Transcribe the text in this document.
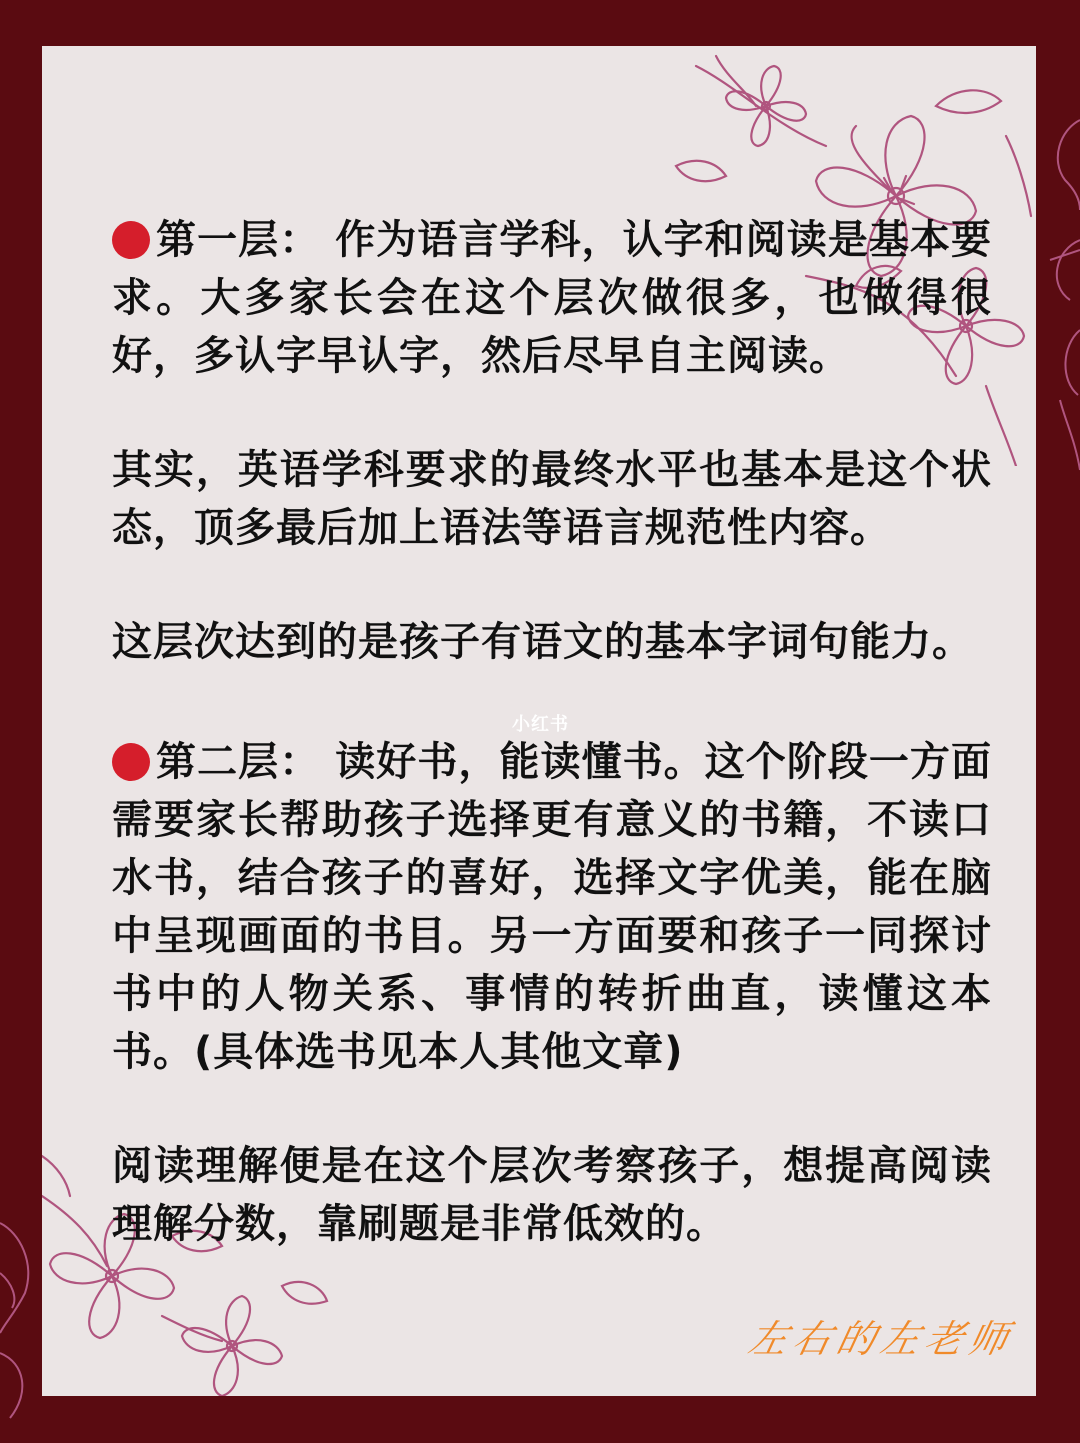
第一层： 作为语言学科，认字和阅读是基本要求。大多家长会在这个层次做很多，也做得很好，多认字早认字，然后尽早自主阅读。

其实，英语学科要求的最终水平也基本是这个状态，顶多最后加上语法等语言规范性内容。

这层次达到的是孩子有语文的基本字词句能力。

第二层： 读好书，能读懂书。这个阶段一方面需要家长帮助孩子选择更有意义的书籍，不读口水书，结合孩子的喜好，选择文字优美，能在脑中呈现画面的书目。另一方面要和孩子一同探讨书中的人物关系、事情的转折曲直，读懂这本书。(具体选书见本人其他文章)

阅读理解便是在这个层次考察孩子，想提高阅读理解分数，靠刷题是非常低效的。

小红书
左右的左老师
